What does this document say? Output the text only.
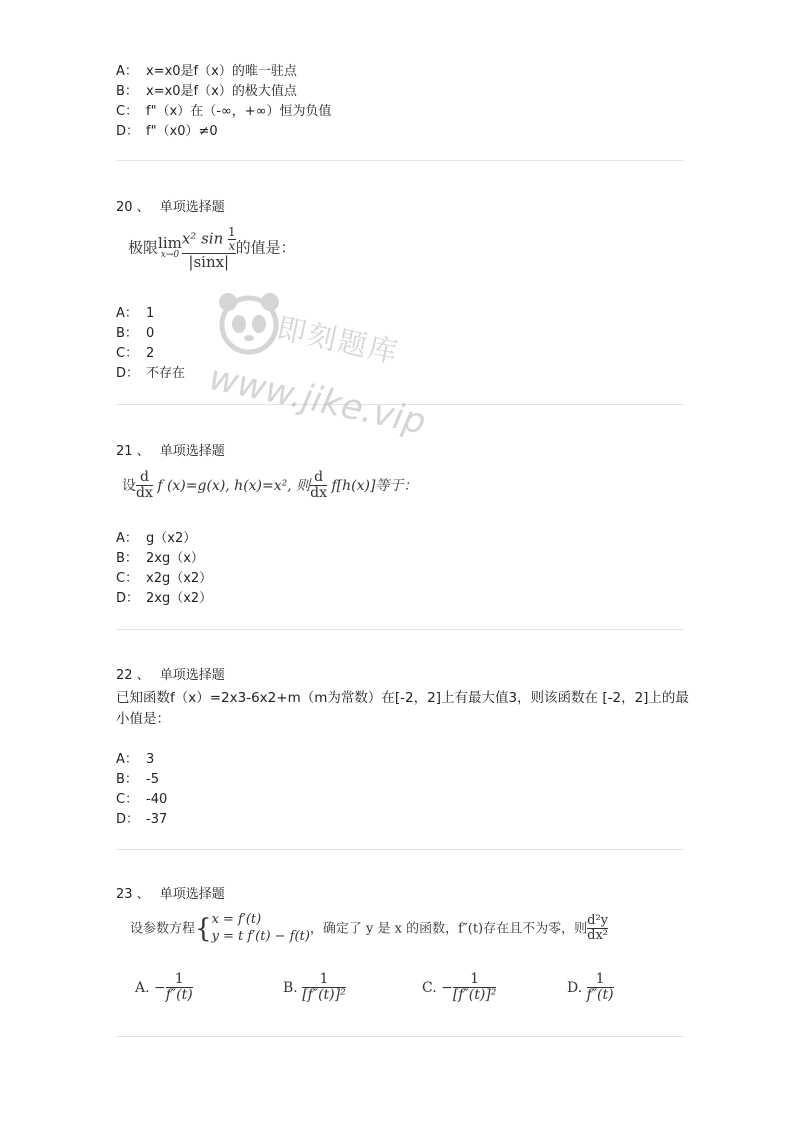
A： x=x0是f（x）的唯一驻点
B： x=x0是f（x）的极大值点
C： f"（x）在（-∞，+∞）恒为负值
D： f"（x0）≠0
20 、 单项选择题
极限 lim
$x\to 0 \frac{x^2 \sin \frac{1}{x}}{|\sin x|}$ 的值是：
A： 1
B： 0
C： 2
D： 不存在
21 、 单项选择题
设 $\frac{d}{dx}$ f (x)=g(x), h(x)=x², 则 $\frac{d}{dx} f[h(x)]$等于：
A： g（x2）
B： 2xg（x）
C： x2g（x2）
D： 2xg（x2）
22 、 单项选择题
已知函数f（x）=2x3-6x2+m（m为常数）在[-2，2]上有最大值3，则该函数在 [-2，2]上的最小值是：
A： 3
B： -5
C： -40
D： -37
23 、 单项选择题
设参数方程{ x = f′(t)
y = t f′(t) − f(t) ，确定了 y 是 x 的函数，f″(t)存在且不为零，则 $\frac{\text{d²y}}{\text{dx²}}$
A. − $\frac{1}{f''(t)}$	B. $\frac{1}{\text{[f″(t)]²}}$	C. − $\frac{1}{\text{[f″(t)]²}}$	D. $\frac{1}{f''(t)}$
即刻题库
www.jike.vip
